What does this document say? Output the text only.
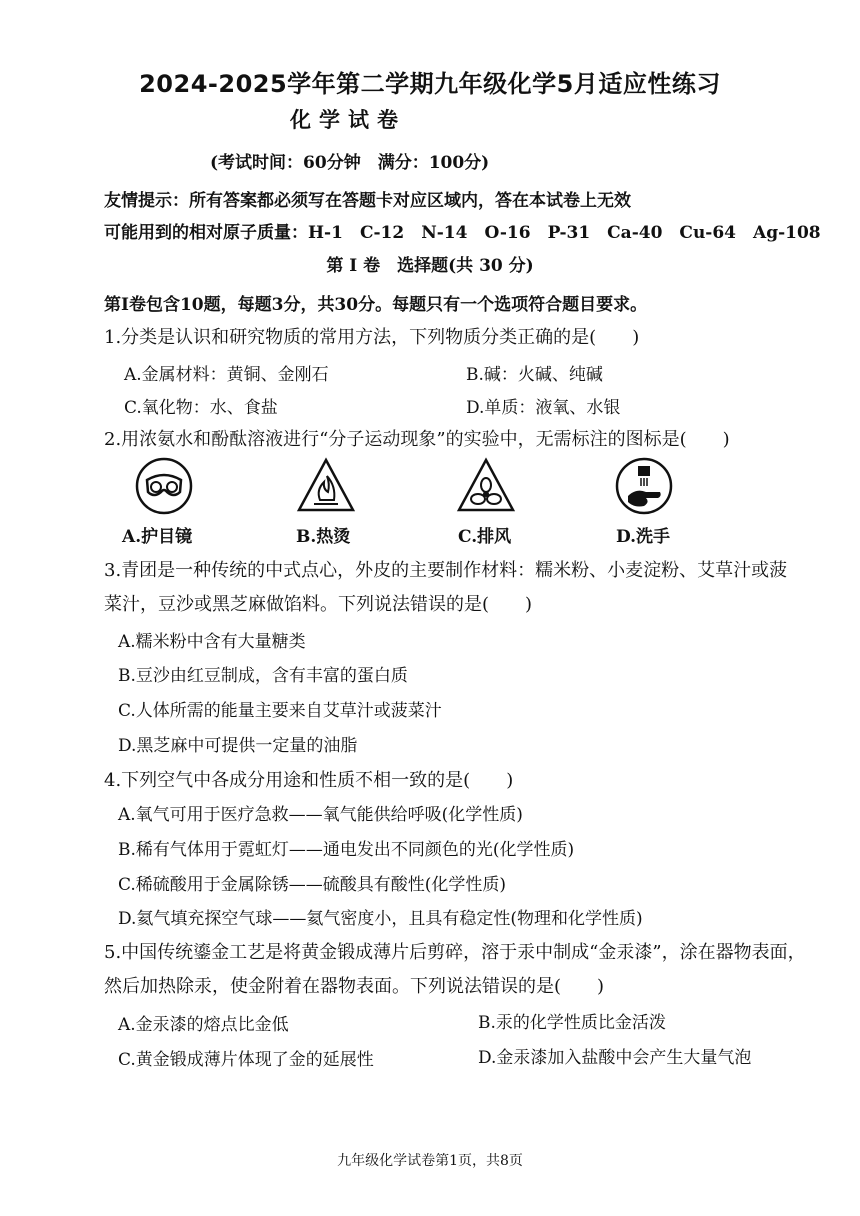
2024-2025学年第二学期九年级化学5月适应性练习
化学试卷
(考试时间：60分钟　满分：100分)
友情提示：所有答案都必须写在答题卡对应区域内，答在本试卷上无效
可能用到的相对原子质量：H-1　C-12　N-14　O-16　P-31　Ca-40　Cu-64　Ag-108
第 I 卷　选择题(共 30 分)
第I卷包含10题，每题3分，共30分。每题只有一个选项符合题目要求。
1.分类是认识和研究物质的常用方法，下列物质分类正确的是(　　)
A.金属材料：黄铜、金刚石	B.碱：火碱、纯碱
C.氧化物：水、食盐	D.单质：液氧、水银
2.用浓氨水和酚酞溶液进行“分子运动现象”的实验中，无需标注的图标是(　　)
A.护目镜	B.热烫	C.排风	D.洗手
3.青团是一种传统的中式点心，外皮的主要制作材料：糯米粉、小麦淀粉、艾草汁或菠
菜汁，豆沙或黑芝麻做馅料。下列说法错误的是(　　)
A.糯米粉中含有大量糖类
B.豆沙由红豆制成，含有丰富的蛋白质
C.人体所需的能量主要来自艾草汁或菠菜汁
D.黑芝麻中可提供一定量的油脂
4.下列空气中各成分用途和性质不相一致的是(　　)
A.氧气可用于医疗急救——氧气能供给呼吸(化学性质)
B.稀有气体用于霓虹灯——通电发出不同颜色的光(化学性质)
C.稀硫酸用于金属除锈——硫酸具有酸性(化学性质)
D.氦气填充探空气球——氦气密度小，且具有稳定性(物理和化学性质)
5.中国传统鎏金工艺是将黄金锻成薄片后剪碎，溶于汞中制成“金汞漆”，涂在器物表面，
然后加热除汞，使金附着在器物表面。下列说法错误的是(　　)
A.金汞漆的熔点比金低	B.汞的化学性质比金活泼
C.黄金锻成薄片体现了金的延展性	D.金汞漆加入盐酸中会产生大量气泡
九年级化学试卷第1页，共8页
